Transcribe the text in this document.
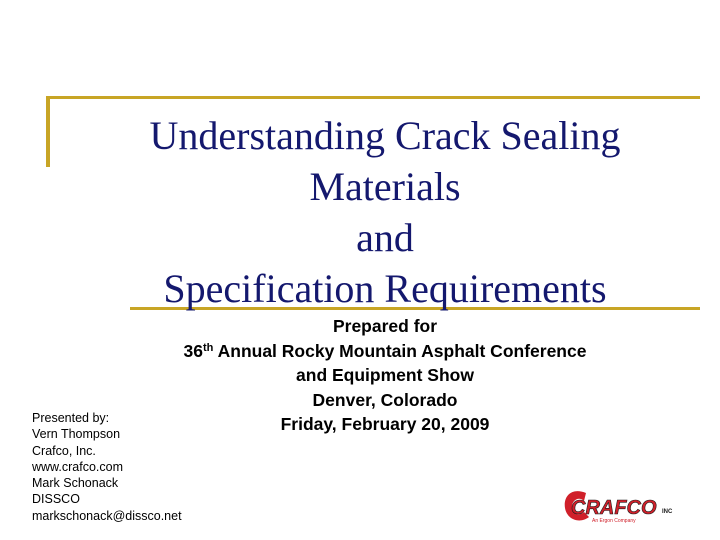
Understanding Crack Sealing
Materials
and
Specification Requirements
Prepared for
36th Annual Rocky Mountain Asphalt Conference
and Equipment Show
Denver, Colorado
Friday, February 20, 2009
Presented by:
Vern Thompson
Crafco, Inc.
www.crafco.com
Mark Schonack
DISSCO
markschonack@dissco.net	CRAFCO INC
An Ergon Company
